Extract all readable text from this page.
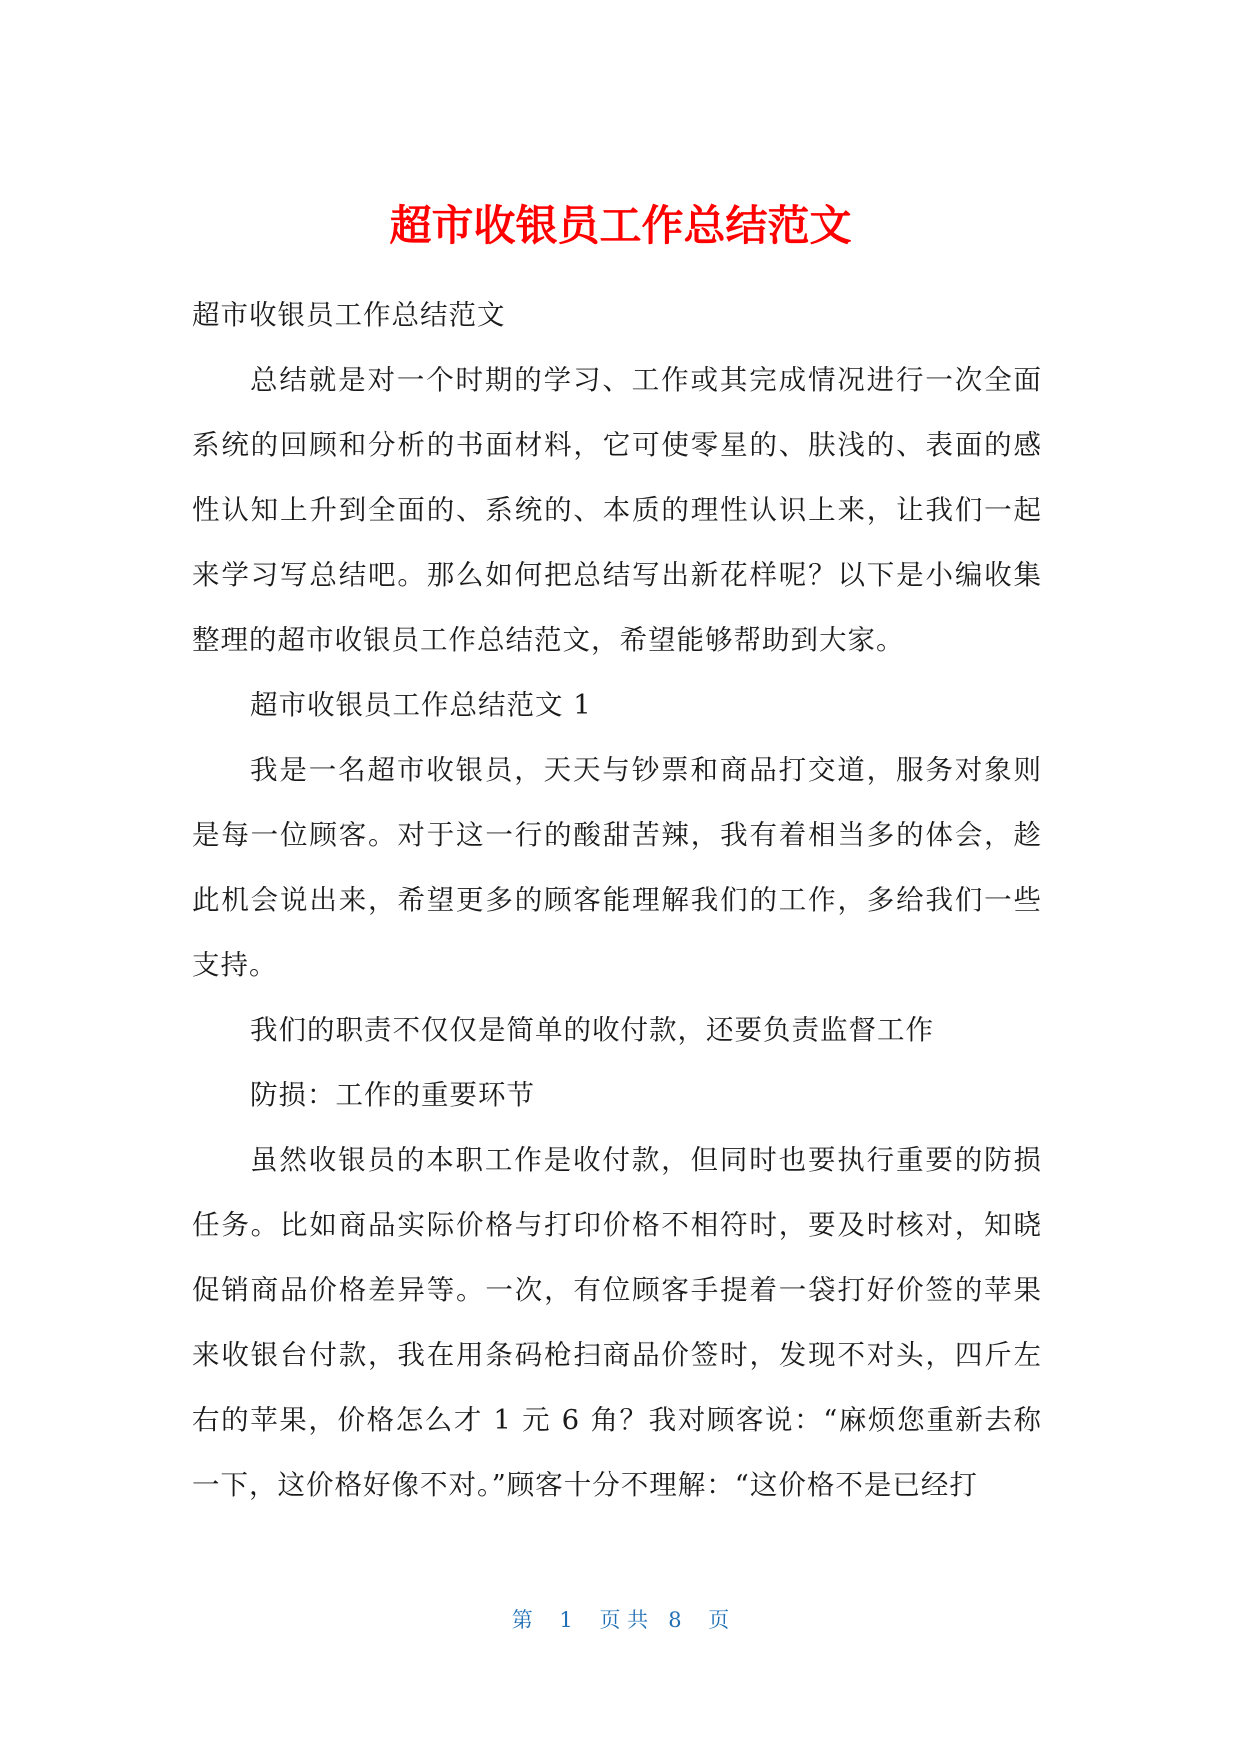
超市收银员工作总结范文

超市收银员工作总结范文

总结就是对一个时期的学习、工作或其完成情况进行一次全面系统的回顾和分析的书面材料，它可使零星的、肤浅的、表面的感性认知上升到全面的、系统的、本质的理性认识上来，让我们一起来学习写总结吧。那么如何把总结写出新花样呢？以下是小编收集整理的超市收银员工作总结范文，希望能够帮助到大家。

超市收银员工作总结范文 1

我是一名超市收银员，天天与钞票和商品打交道，服务对象则是每一位顾客。对于这一行的酸甜苦辣，我有着相当多的体会，趁此机会说出来，希望更多的顾客能理解我们的工作，多给我们一些支持。

我们的职责不仅仅是简单的收付款，还要负责监督工作

防损：工作的重要环节

虽然收银员的本职工作是收付款，但同时也要执行重要的防损任务。比如商品实际价格与打印价格不相符时，要及时核对，知晓促销商品价格差异等。一次，有位顾客手提着一袋打好价签的苹果来收银台付款，我在用条码枪扫商品价签时，发现不对头，四斤左右的苹果，价格怎么才 1 元 6 角？我对顾客说：“麻烦您重新去称一下，这价格好像不对。”顾客十分不理解：“这价格不是已经打

第 1 页 共 8 页
